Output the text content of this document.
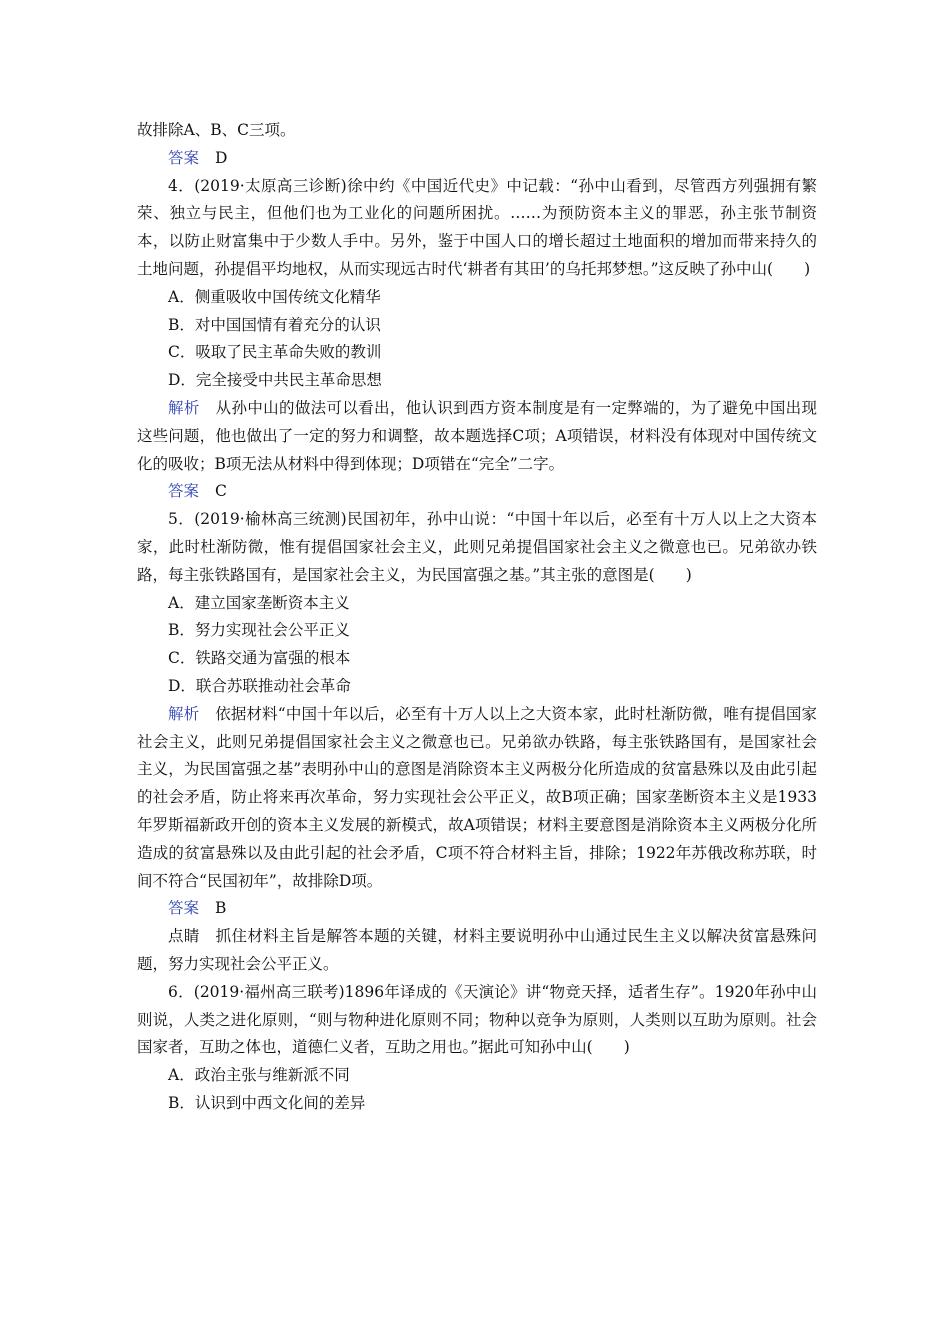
故排除A、B、C三项。
答案 D
4．(2019·太原高三诊断)徐中约《中国近代史》中记载：“孙中山看到，尽管西方列强拥有繁荣、独立与民主，但他们也为工业化的问题所困扰。……为预防资本主义的罪恶，孙主张节制资本，以防止财富集中于少数人手中。另外，鉴于中国人口的增长超过土地面积的增加而带来持久的土地问题，孙提倡平均地权，从而实现远古时代‘耕者有其田’的乌托邦梦想。”这反映了孙中山(　　)
A．侧重吸收中国传统文化精华
B．对中国国情有着充分的认识
C．吸取了民主革命失败的教训
D．完全接受中共民主革命思想
解析 从孙中山的做法可以看出，他认识到西方资本制度是有一定弊端的，为了避免中国出现这些问题，他也做出了一定的努力和调整，故本题选择C项；A项错误，材料没有体现对中国传统文化的吸收；B项无法从材料中得到体现；D项错在“完全”二字。
答案 C
5．(2019·榆林高三统测)民国初年，孙中山说：“中国十年以后，必至有十万人以上之大资本家，此时杜渐防微，惟有提倡国家社会主义，此则兄弟提倡国家社会主义之微意也已。兄弟欲办铁路，每主张铁路国有，是国家社会主义，为民国富强之基。”其主张的意图是(　　)
A．建立国家垄断资本主义
B．努力实现社会公平正义
C．铁路交通为富强的根本
D．联合苏联推动社会革命
解析 依据材料“中国十年以后，必至有十万人以上之大资本家，此时杜渐防微，唯有提倡国家社会主义，此则兄弟提倡国家社会主义之微意也已。兄弟欲办铁路，每主张铁路国有，是国家社会主义，为民国富强之基”表明孙中山的意图是消除资本主义两极分化所造成的贫富悬殊以及由此引起的社会矛盾，防止将来再次革命，努力实现社会公平正义，故B项正确；国家垄断资本主义是1933年罗斯福新政开创的资本主义发展的新模式，故A项错误；材料主要意图是消除资本主义两极分化所造成的贫富悬殊以及由此引起的社会矛盾，C项不符合材料主旨，排除；1922年苏俄改称苏联，时间不符合“民国初年”，故排除D项。
答案 B
点睛 抓住材料主旨是解答本题的关键，材料主要说明孙中山通过民生主义以解决贫富悬殊问题，努力实现社会公平正义。
6．(2019·福州高三联考)1896年译成的《天演论》讲“物竞天择，适者生存”。1920年孙中山则说，人类之进化原则，“则与物种进化原则不同；物种以竞争为原则，人类则以互助为原则。社会国家者，互助之体也，道德仁义者，互助之用也。”据此可知孙中山(　　)
A．政治主张与维新派不同
B．认识到中西文化间的差异
